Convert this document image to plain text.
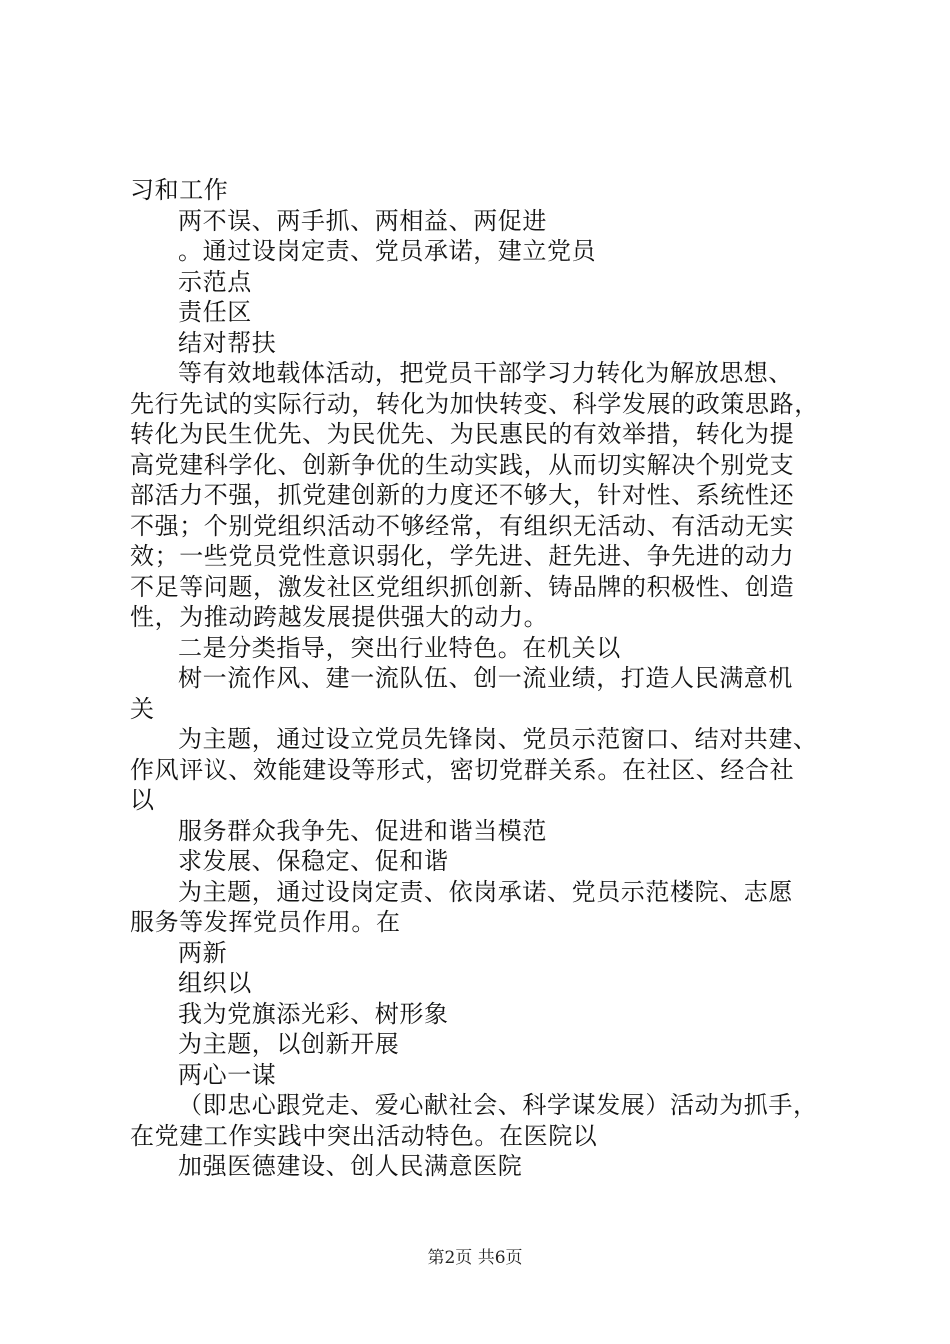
习和工作
两不误、两手抓、两相益、两促进
。通过设岗定责、党员承诺，建立党员
示范点
责任区
结对帮扶
等有效地载体活动，把党员干部学习力转化为解放思想、
先行先试的实际行动，转化为加快转变、科学发展的政策思路，
转化为民生优先、为民优先、为民惠民的有效举措，转化为提
高党建科学化、创新争优的生动实践，从而切实解决个别党支
部活力不强，抓党建创新的力度还不够大，针对性、系统性还
不强；个别党组织活动不够经常，有组织无活动、有活动无实
效；一些党员党性意识弱化，学先进、赶先进、争先进的动力
不足等问题，激发社区党组织抓创新、铸品牌的积极性、创造
性，为推动跨越发展提供强大的动力。
二是分类指导，突出行业特色。在机关以
树一流作风、建一流队伍、创一流业绩，打造人民满意机
关
为主题，通过设立党员先锋岗、党员示范窗口、结对共建、
作风评议、效能建设等形式，密切党群关系。在社区、经合社
以
服务群众我争先、促进和谐当模范
求发展、保稳定、促和谐
为主题，通过设岗定责、依岗承诺、党员示范楼院、志愿
服务等发挥党员作用。在
两新
组织以
我为党旗添光彩、树形象
为主题，以创新开展
两心一谋
（即忠心跟党走、爱心献社会、科学谋发展）活动为抓手，
在党建工作实践中突出活动特色。在医院以
加强医德建设、创人民满意医院
第2页 共6页
